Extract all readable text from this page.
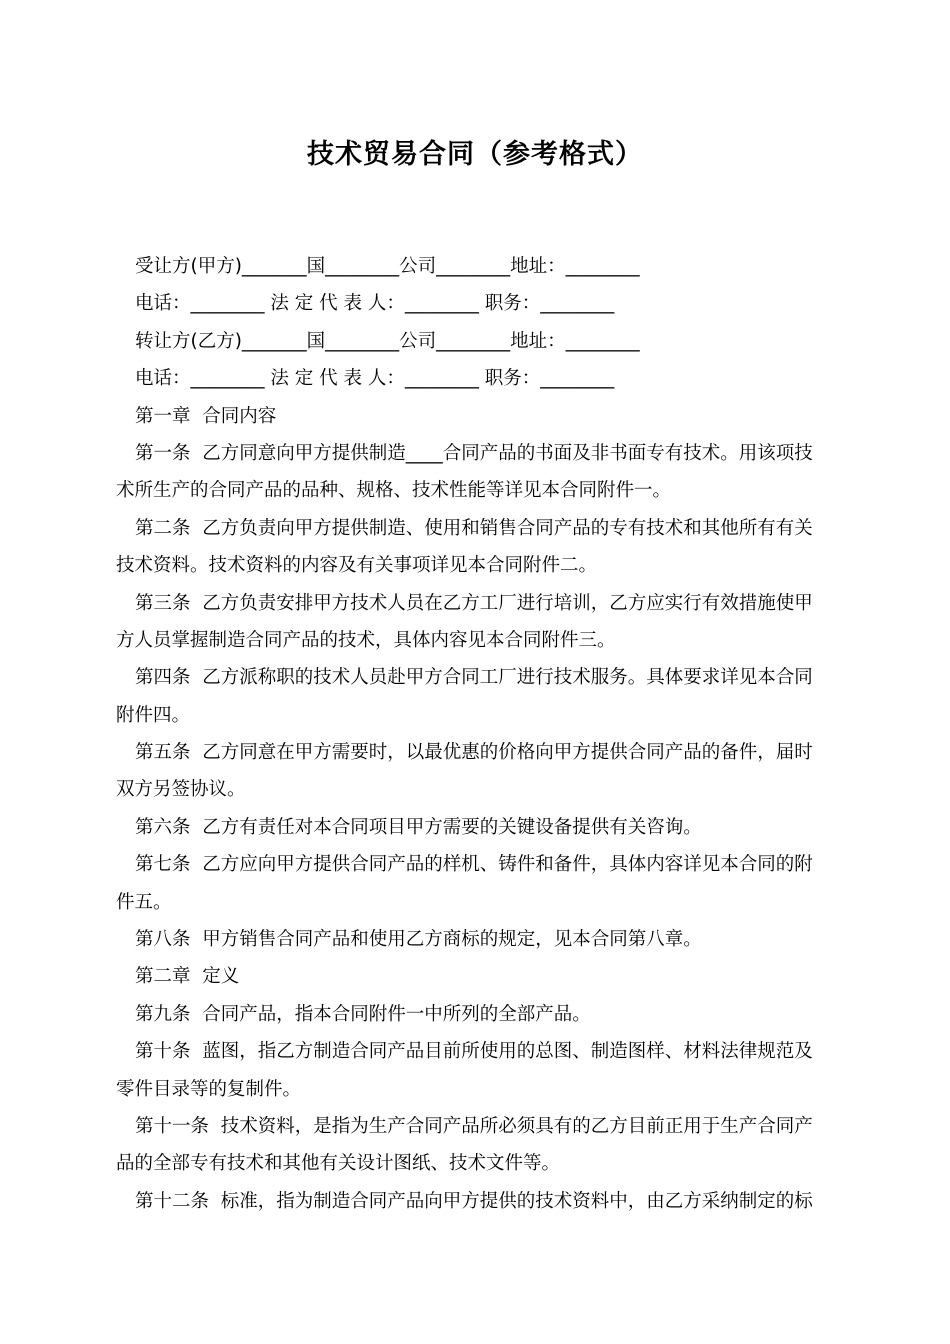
技术贸易合同（参考格式）
受让方(甲方)_______国________公司________地址：________
电话：________ 法 定 代 表 人：________ 职务：________
转让方(乙方)_______国________公司________地址：________
电话：________ 法 定 代 表 人：________ 职务：________
第一章  合同内容
第一条  乙方同意向甲方提供制造____合同产品的书面及非书面专有技术。用该项技
术所生产的合同产品的品种、规格、技术性能等详见本合同附件一。
第二条  乙方负责向甲方提供制造、使用和销售合同产品的专有技术和其他所有有关
技术资料。技术资料的内容及有关事项详见本合同附件二。
第三条  乙方负责安排甲方技术人员在乙方工厂进行培训，乙方应实行有效措施使甲
方人员掌握制造合同产品的技术，具体内容见本合同附件三。
第四条  乙方派称职的技术人员赴甲方合同工厂进行技术服务。具体要求详见本合同
附件四。
第五条  乙方同意在甲方需要时，以最优惠的价格向甲方提供合同产品的备件，届时
双方另签协议。
第六条  乙方有责任对本合同项目甲方需要的关键设备提供有关咨询。
第七条  乙方应向甲方提供合同产品的样机、铸件和备件，具体内容详见本合同的附
件五。
第八条  甲方销售合同产品和使用乙方商标的规定，见本合同第八章。
第二章  定义
第九条  合同产品，指本合同附件一中所列的全部产品。
第十条  蓝图，指乙方制造合同产品目前所使用的总图、制造图样、材料法律规范及
零件目录等的复制件。
第十一条  技术资料，是指为生产合同产品所必须具有的乙方目前正用于生产合同产
品的全部专有技术和其他有关设计图纸、技术文件等。
第十二条  标准，指为制造合同产品向甲方提供的技术资料中，由乙方采纳制定的标
